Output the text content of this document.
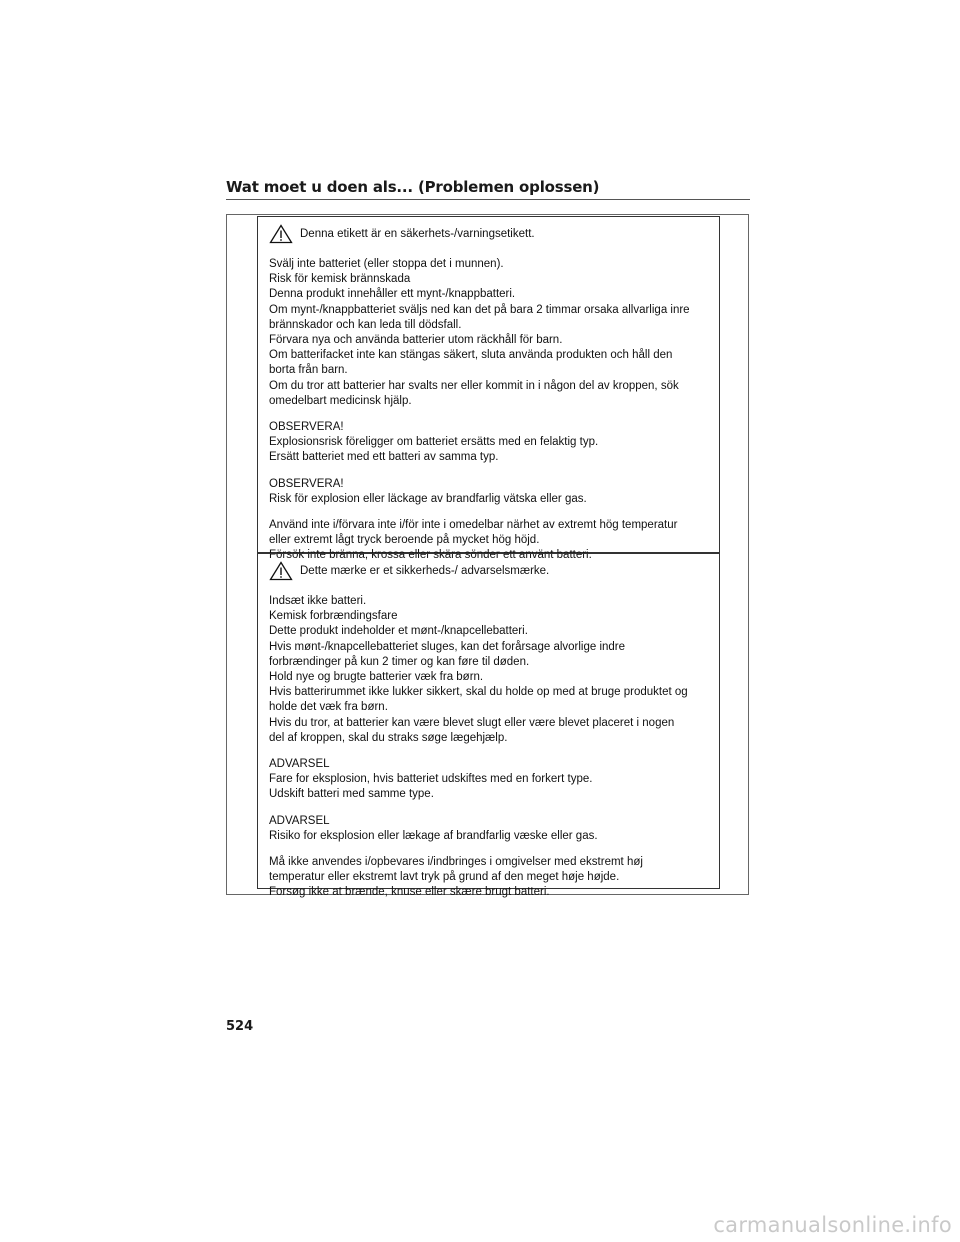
Wat moet u doen als... (Problemen oplossen)
Denna etikett är en säkerhets-/varningsetikett.
Svälj inte batteriet (eller stoppa det i munnen).
Risk för kemisk brännskada
Denna produkt innehåller ett mynt-/knappbatteri.
Om mynt-/knappbatteriet sväljs ned kan det på bara 2 timmar orsaka allvarliga inre
brännskador och kan leda till dödsfall.
Förvara nya och använda batterier utom räckhåll för barn.
Om batterifacket inte kan stängas säkert, sluta använda produkten och håll den
borta från barn.
Om du tror att batterier har svalts ner eller kommit in i någon del av kroppen, sök
omedelbart medicinsk hjälp.
OBSERVERA!
Explosionsrisk föreligger om batteriet ersätts med en felaktig typ.
Ersätt batteriet med ett batteri av samma typ.
OBSERVERA!
Risk för explosion eller läckage av brandfarlig vätska eller gas.
Använd inte i/förvara inte i/för inte i omedelbar närhet av extremt hög temperatur
eller extremt lågt tryck beroende på mycket hög höjd.
Försök inte bränna, krossa eller skära sönder ett använt batteri.
Dette mærke er et sikkerheds-/ advarselsmærke.
Indsæt ikke batteri.
Kemisk forbrændingsfare
Dette produkt indeholder et mønt-/knapcellebatteri.
Hvis mønt-/knapcellebatteriet sluges, kan det forårsage alvorlige indre
forbrændinger på kun 2 timer og kan føre til døden.
Hold nye og brugte batterier væk fra børn.
Hvis batterirummet ikke lukker sikkert, skal du holde op med at bruge produktet og
holde det væk fra børn.
Hvis du tror, at batterier kan være blevet slugt eller være blevet placeret i nogen
del af kroppen, skal du straks søge lægehjælp.
ADVARSEL
Fare for eksplosion, hvis batteriet udskiftes med en forkert type.
Udskift batteri med samme type.
ADVARSEL
Risiko for eksplosion eller lækage af brandfarlig væske eller gas.
Må ikke anvendes i/opbevares i/indbringes i omgivelser med ekstremt høj
temperatur eller ekstremt lavt tryk på grund af den meget høje højde.
Forsøg ikke at brænde, knuse eller skære brugt batteri.
524
carmanualsonline.info
